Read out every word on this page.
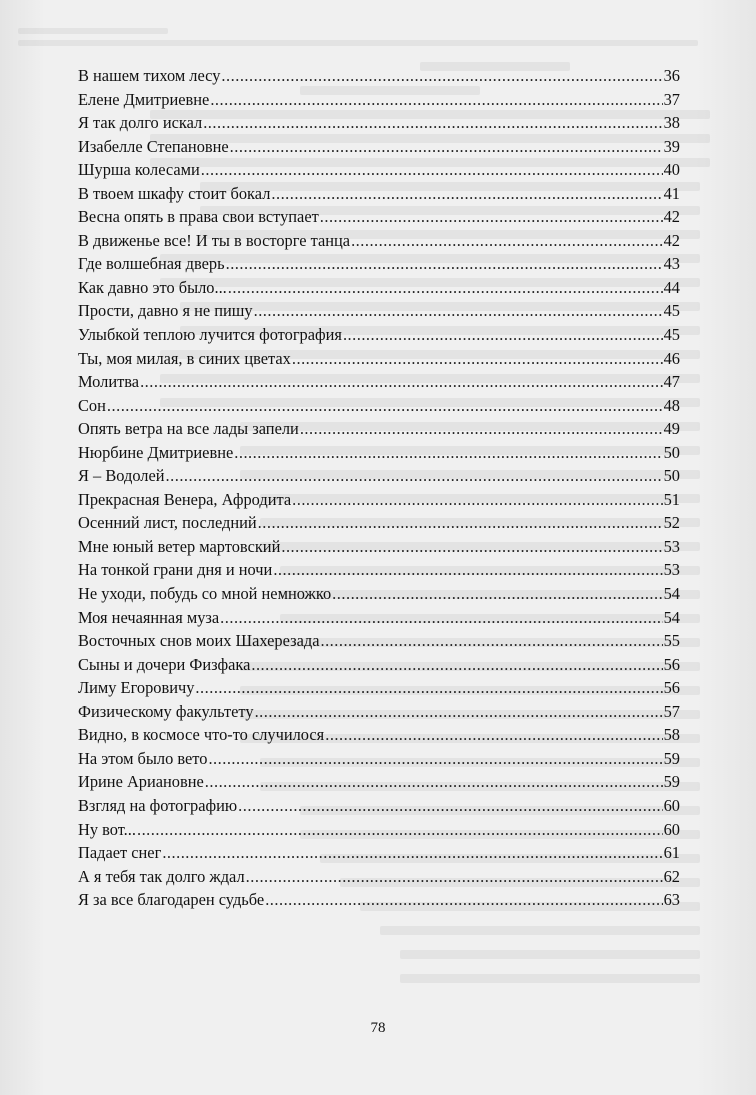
В нашем тихом лесу .....	36
Елене Дмитриевне .....	37
Я так долго искал .....	38
Изабелле Степановне .....	39
Шурша колесами .....	40
В твоем шкафу стоит бокал .....	41
Весна опять в права свои вступает .....	42
В движенье все! И ты в восторге танца .....	42
Где волшебная дверь .....	43
Как давно это было... .....	44
Прости, давно я не пишу .....	45
Улыбкой теплою лучится фотография .....	45
Ты, моя милая, в синих цветах .....	46
Молитва .....	47
Сон .....	48
Опять ветра на все лады запели .....	49
Нюрбине Дмитриевне .....	50
Я – Водолей .....	50
Прекрасная Венера, Афродита .....	51
Осенний лист, последний .....	52
Мне юный ветер мартовский .....	53
На тонкой грани дня и ночи .....	53
Не уходи, побудь со мной немножко .....	54
Моя нечаянная муза .....	54
Восточных снов моих Шахерезада .....	55
Сыны и дочери Физфака .....	56
Лиму Егоровичу .....	56
Физическому факультету .....	57
Видно, в космосе что-то случилося .....	58
На этом было вето .....	59
Ирине Ариановне .....	59
Взгляд на фотографию .....	60
Ну вот... .....	60
Падает снег .....	61
А я тебя так долго ждал .....	62
Я за все благодарен судьбе .....	63
78
